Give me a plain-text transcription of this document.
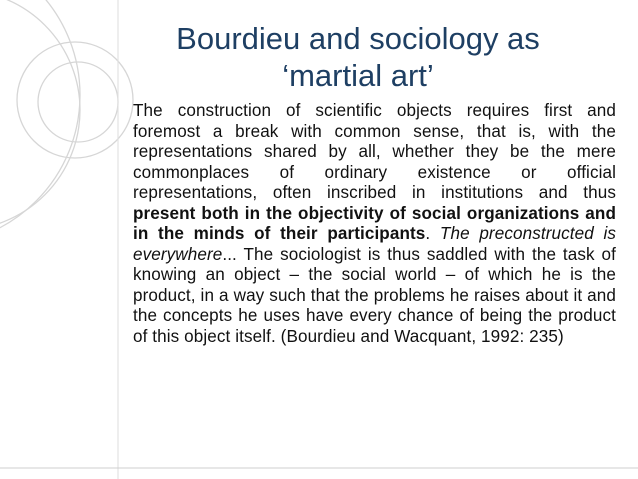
Bourdieu and sociology as
‘martial art’

The construction of scientific objects requires first and foremost a break with common sense, that is, with the representations shared by all, whether they be the mere commonplaces of ordinary existence or official representations, often inscribed in institutions and thus present both in the objectivity of social organizations and in the minds of their participants. The preconstructed is everywhere... The sociologist is thus saddled with the task of knowing an object – the social world – of which he is the product, in a way such that the problems he raises about it and the concepts he uses have every chance of being the product of this object itself. (Bourdieu and Wacquant, 1992: 235)
